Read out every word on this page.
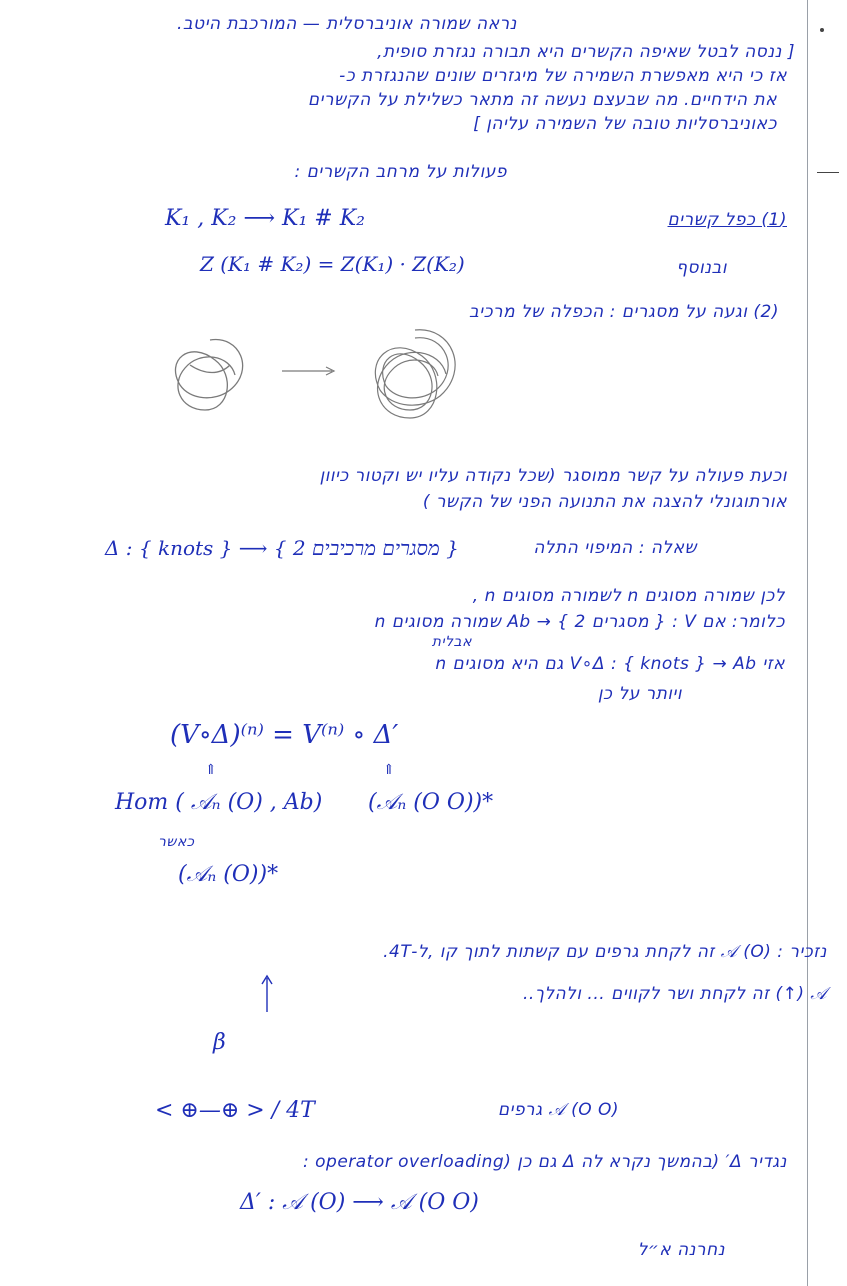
נראה שמורה אוניברסלית — המורכבת היטב.
[ ננסה לבטל שאיפה הקשרים היא תבורה נגזרת סופית,
אז כי היא מאפשרת השמירה של מיגזרים שונים שהנגזרת כ-
את הידחיים. מה שבעצם נעשה זה מתאר כשלילת על הקשרים
כאוניברסליות טובה של השמירה עליהן ]
פעולות על מרחב הקשרים :
K₁ , K₂ ⟶ K₁ # K₂	(1) כפל קשרים
Z (K₁ # K₂) = Z(K₁) · Z(K₂)	ובנוסף
(2) וגעה על מסגרים : הכפלה של מרכיב
וכעת פעולה על קשר ממוסגר (שכל נקודה עליו יש וקטור כיוון
אורתוגונלי להצגה את התנועה הפני של הקשר )
Δ : { knots } ⟶ { 2 מסגרים מרכיבים }	שאלה : המיפוי התלה
לכן שמורה מסוגים n לשמורה מסוגים n ,
כלומר: אם V : { מסגרים 2 } → Ab שמורה מסוגים n
אבלית
אזי V∘Δ : { knots } → Ab גם היא מסוגים n
ויותר על כן
(V∘Δ)⁽ⁿ⁾ = V⁽ⁿ⁾ ∘ Δ′
⇑	⇑
Hom ( 𝒜ₙ (O) , Ab) (𝒜ₙ (O O))*
כאשר
(𝒜ₙ (O))*
נזכיר : 𝒜 (O) זה לקחת גרפים עם קשתות לתוך קו ,ל-4T.
𝒜 (↑) זה לקחת ושר לקווים ... ולהלך..
β
< ⊕—⊕ > / 4T	𝒜 (O O) גרפים
נגדיר Δ′ (בהמשך נקרא לה Δ גם כן (operator overloading :
Δ′ : 𝒜 (O) ⟶ 𝒜 (O O)
נחרנה א״ל
